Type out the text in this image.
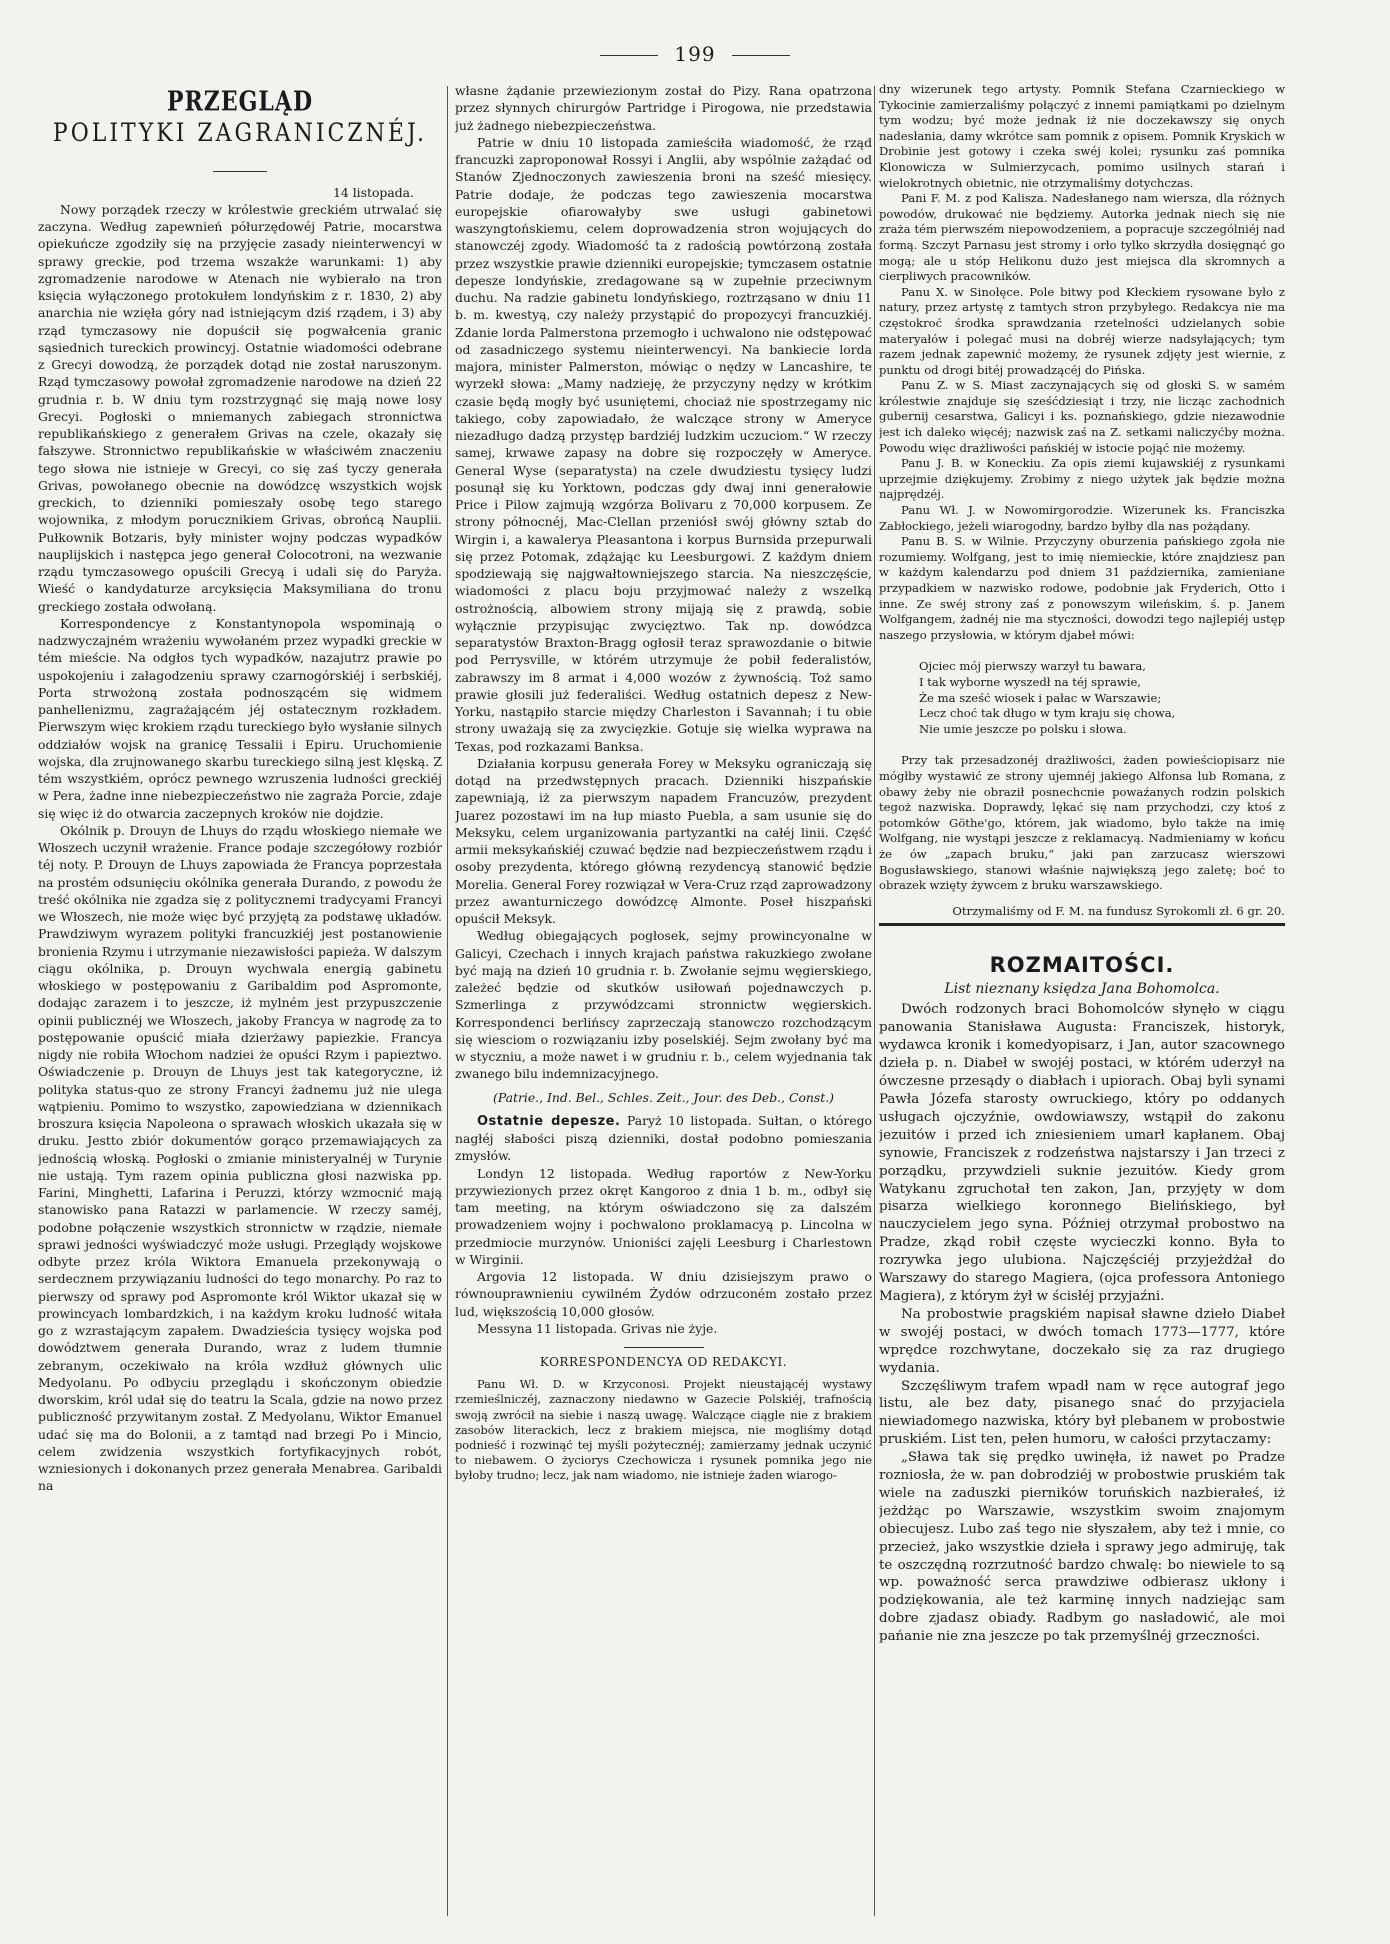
199
PRZEGLĄD
POLITYKI ZAGRANICZNÉJ.
14 listopada.

Nowy porządek rzeczy w królestwie greckiém utrwalać się zaczyna. Według zapewnień półurzędowéj Patrie, mocarstwa opiekuńcze zgodziły się na przyjęcie zasady nieinterwencyi w sprawy greckie, pod trzema wszakże warunkami: 1) aby zgromadzenie narodowe w Atenach nie wybierało na tron księcia wyłączonego protokułem londyńskim z r. 1830, 2) aby anarchia nie wzięła góry nad istniejącym dziś rządem, i 3) aby rząd tymczasowy nie dopuścił się pogwałcenia granic sąsiednich tureckich prowincyj. Ostatnie wiadomości odebrane z Grecyi dowodzą, że porządek dotąd nie został naruszonym. Rząd tymczasowy powołał zgromadzenie narodowe na dzień 22 grudnia r. b. W dniu tym rozstrzygnąć się mają nowe losy Grecyi. Pogłoski o mniemanych zabiegach stronnictwa republikańskiego z generałem Grivas na czele, okazały się fałszywe. Stronnictwo republikańskie w właściwém znaczeniu tego słowa nie istnieje w Grecyi, co się zaś tyczy generała Grivas, powołanego obecnie na dowódzcę wszystkich wojsk greckich, to dzienniki pomieszały osobę tego starego wojownika, z młodym porucznikiem Grivas, obrońcą Nauplii. Pułkownik Botzaris, były minister wojny podczas wypadków nauplijskich i następca jego generał Colocotroni, na wezwanie rządu tymczasowego opuścili Grecyą i udali się do Paryża. Wieść o kandydaturze arcyksięcia Maksymiliana do tronu greckiego została odwołaną.

Korrespondencye z Konstantynopola wspominają o nadzwyczajném wrażeniu wywołaném przez wypadki greckie w tém mieście. Na odgłos tych wypadków, nazajutrz prawie po uspokojeniu i załagodzeniu sprawy czarnogórskiéj i serbskiéj, Porta strwożoną została podnoszącém się widmem panhellenizmu, zagrażającém jéj ostatecznym rozkładem. Pierwszym więc krokiem rządu tureckiego było wysłanie silnych oddziałów wojsk na granicę Tessalii i Epiru. Uruchomienie wojska, dla zrujnowanego skarbu tureckiego silną jest klęską. Z tém wszystkiém, oprócz pewnego wzruszenia ludności greckiéj w Pera, żadne inne niebezpieczeństwo nie zagraża Porcie, zdaje się więc iż do otwarcia zaczepnych kroków nie dojdzie.

Okólnik p. Drouyn de Lhuys do rządu włoskiego niemałe we Włoszech uczynił wrażenie. France podaje szczegółowy rozbiór téj noty. P. Drouyn de Lhuys zapowiada że Francya poprzestała na prostém odsunięciu okólnika generała Durando, z powodu że treść okólnika nie zgadza się z politycznemi tradycyami Francyi we Włoszech, nie może więc być przyjętą za podstawę układów. Prawdziwym wyrazem polityki francuzkiéj jest postanowienie bronienia Rzymu i utrzymanie niezawisłości papieża. W dalszym ciągu okólnika, p. Drouyn wychwala energią gabinetu włoskiego w postępowaniu z Garibaldim pod Aspromonte, dodając zarazem i to jeszcze, iż mylném jest przypuszczenie opinii publicznéj we Włoszech, jakoby Francya w nagrodę za to postępowanie opuścić miała dzierżawy papiezkie. Francya nigdy nie robiła Włochom nadziei że opuści Rzym i papieztwo. Oświadczenie p. Drouyn de Lhuys jest tak kategoryczne, iż polityka status-quo ze strony Francyi żadnemu już nie ulega wątpieniu. Pomimo to wszystko, zapowiedziana w dziennikach broszura księcia Napoleona o sprawach włoskich ukazała się w druku. Jestto zbiór dokumentów gorąco przemawiających za jednością włoską. Pogłoski o zmianie ministeryalnéj w Turynie nie ustają. Tym razem opinia publiczna głosi nazwiska pp. Farini, Minghetti, Lafarina i Peruzzi, którzy wzmocnić mają stanowisko pana Ratazzi w parlamencie. W rzeczy saméj, podobne połączenie wszystkich stronnictw w rządzie, niemałe sprawi jedności wyświadczyć może usługi. Przeglądy wojskowe odbyte przez króla Wiktora Emanuela przekonywają o serdecznem przywiązaniu ludności do tego monarchy. Po raz to pierwszy od sprawy pod Aspromonte król Wiktor ukazał się w prowincyach lombardzkich, i na każdym kroku ludność witała go z wzrastającym zapałem. Dwadzieścia tysięcy wojska pod dowództwem generała Durando, wraz z ludem tłumnie zebranym, oczekiwało na króla wzdłuż głównych ulic Medyolanu. Po odbyciu przeglądu i skończonym obiedzie dworskim, król udał się do teatru la Scala, gdzie na nowo przez publiczność przywitanym został. Z Medyolanu, Wiktor Emanuel udać się ma do Bolonii, a z tamtąd nad brzegi Po i Mincio, celem zwidzenia wszystkich fortyfikacyjnych robót, wzniesionych i dokonanych przez generała Menabrea. Garibaldi na

własne żądanie przewiezionym został do Pizy. Rana opatrzona przez słynnych chirurgów Partridge i Pirogowa, nie przedstawia już żadnego niebezpieczeństwa.

Patrie w dniu 10 listopada zamieściła wiadomość, że rząd francuzki zaproponował Rossyi i Anglii, aby wspólnie zażądać od Stanów Zjednoczonych zawieszenia broni na sześć miesięcy. Patrie dodaje, że podczas tego zawieszenia mocarstwa europejskie ofiarowałyby swe usługi gabinetowi waszyngtońskiemu, celem doprowadzenia stron wojujących do stanowczéj zgody. Wiadomość ta z radością powtórzoną została przez wszystkie prawie dzienniki europejskie; tymczasem ostatnie depesze londyńskie, zredagowane są w zupełnie przeciwnym duchu. Na radzie gabinetu londyńskiego, roztrząsano w dniu 11 b. m. kwestyą, czy należy przystąpić do propozycyi francuzkiéj. Zdanie lorda Palmerstona przemogło i uchwalono nie odstępować od zasadniczego systemu nieinterwencyi. Na bankiecie lorda majora, minister Palmerston, mówiąc o nędzy w Lancashire, te wyrzekł słowa: „Mamy nadzieję, że przyczyny nędzy w krótkim czasie będą mogły być usuniętemi, chociaż nie spostrzegamy nic takiego, coby zapowiadało, że walczące strony w Ameryce niezadługo dadzą przystęp bardziéj ludzkim uczuciom.“ W rzeczy samej, krwawe zapasy na dobre się rozpoczęły w Ameryce. General Wyse (separatysta) na czele dwudziestu tysięcy ludzi posunął się ku Yorktown, podczas gdy dwaj inni generałowie Price i Pilow zajmują wzgórza Bolivaru z 70,000 korpusem. Ze strony północnéj, Mac-Clellan przeniósł swój główny sztab do Wirgin i, a kawalerya Pleasantona i korpus Burnsida przepurwali się przez Potomak, zdążając ku Leesburgowi. Z każdym dniem spodziewają się najgwałtowniejszego starcia. Na nieszczęście, wiadomości z placu boju przyjmować należy z wszelką ostrożnością, albowiem strony mijają się z prawdą, sobie wyłącznie przypisując zwycięztwo. Tak np. dowódzca separatystów Braxton-Bragg ogłosił teraz sprawozdanie o bitwie pod Perrysville, w którém utrzymuje że pobił federalistów, zabrawszy im 8 armat i 4,000 wozów z żywnością. Toż samo prawie głosili już federaliści. Według ostatnich depesz z New-Yorku, nastąpiło starcie między Charleston i Savannah; i tu obie strony uważają się za zwycięzkie. Gotuje się wielka wyprawa na Texas, pod rozkazami Banksa.

Działania korpusu generała Forey w Meksyku ograniczają się dotąd na przedwstępnych pracach. Dzienniki hiszpańskie zapewniają, iż za pierwszym napadem Francuzów, prezydent Juarez pozostawi im na łup miasto Puebla, a sam usunie się do Meksyku, celem urganizowania partyzantki na całéj linii. Część armii meksykańskiéj czuwać będzie nad bezpieczeństwem rządu i osoby prezydenta, którego główną rezydencyą stanowić będzie Morelia. General Forey rozwiązał w Vera-Cruz rząd zaprowadzony przez awanturniczego dowódzcę Almonte. Poseł hiszpański opuścił Meksyk.

Według obiegających pogłosek, sejmy prowincyonalne w Galicyi, Czechach i innych krajach państwa rakuzkiego zwołane być mają na dzień 10 grudnia r. b. Zwołanie sejmu węgierskiego, zależeć będzie od skutków usiłowań pojednawczych p. Szmerlinga z przywódzcami stronnictw węgierskich. Korrespondenci berlińscy zaprzeczają stanowczo rozchodzącym się wiesciom o rozwiązaniu izby poselskiéj. Sejm zwołany być ma w styczniu, a może nawet i w grudniu r. b., celem wyjednania tak zwanego bilu indemnizacyjnego.

(Patrie., Ind. Bel., Schles. Zeit., Jour. des Deb., Const.)

Ostatnie depesze. Paryż 10 listopada. Sułtan, o którego nagłéj słabości piszą dzienniki, dostał podobno pomieszania zmysłów.

Londyn 12 listopada. Według raportów z New-Yorku przywiezionych przez okręt Kangoroo z dnia 1 b. m., odbył się tam meeting, na którym oświadczono się za dalszém prowadzeniem wojny i pochwalono proklamacyą p. Lincolna w przedmiocie murzynów. Unioniści zajęli Leesburg i Charlestown w Wirginii.

Argovia 12 listopada. W dniu dzisiejszym prawo o równouprawnieniu cywilném Żydów odrzuconém zostało przez lud, większością 10,000 głosów.

Messyna 11 listopada. Grivas nie żyje.

KORRESPONDENCYA OD REDAKCYI.

Panu Wł. D. w Krzyconosi. Projekt nieustającéj wystawy rzemieślniczéj, zaznaczony niedawno w Gazecie Polskiéj, trafnością swoją zwrócił na siebie i naszą uwagę. Walczące ciągle nie z brakiem zasobów literackich, lecz z brakiem miejsca, nie mogliśmy dotąd podnieść i rozwinąć tej myśli pożytecznéj; zamierzamy jednak uczynić to niebawem. O życiorys Czechowicza i rysunek pomnika jego nie byłoby trudno; lecz, jak nam wiadomo, nie istnieje żaden wiarogo-

dny wizerunek tego artysty. Pomnik Stefana Czarnieckiego w Tykocinie zamierzaliśmy połączyć z innemi pamiątkami po dzielnym tym wodzu; być może jednak iż nie doczekawszy się onych nadesłania, damy wkrótce sam pomnik z opisem. Pomnik Kryskich w Drobinie jest gotowy i czeka swéj kolei; rysunku zaś pomnika Klonowicza w Sulmierzycach, pomimo usilnych starań i wielokrotnych obietnic, nie otrzymaliśmy dotychczas.

Pani F. M. z pod Kalisza. Nadesłanego nam wiersza, dla różnych powodów, drukować nie będziemy. Autorka jednak niech się nie zraża tém pierwszém niepowodzeniem, a popracuje szczególniéj nad formą. Szczyt Parnasu jest stromy i orło tylko skrzydła dosięgnąć go mogą; ale u stóp Helikonu dużo jest miejsca dla skromnych a cierpliwych pracowników.

Panu X. w Sinołęce. Pole bitwy pod Kłeckiem rysowane było z natury, przez artystę z tamtych stron przybyłego. Redakcya nie ma częstokroć środka sprawdzania rzetelności udzielanych sobie materyałów i polegać musi na dobréj wierze nadsyłających; tym razem jednak zapewnić możemy, że rysunek zdjęty jest wiernie, z punktu od drogi bitéj prowadzącéj do Pińska.

Panu Z. w S. Miast zaczynających się od głoski S. w samém królestwie znajduje się sześćdziesiąt i trzy, nie licząc zachodnich gubernij cesarstwa, Galicyi i ks. poznańskiego, gdzie niezawodnie jest ich daleko więcéj; nazwisk zaś na Z. setkami naliczyćby można. Powodu więc drażliwości pańskiéj w istocie pojąć nie możemy.

Panu J. B. w Koneckiu. Za opis ziemi kujawskiéj z rysunkami uprzejmie dziękujemy. Zrobimy z niego użytek jak będzie można najprędzéj.

Panu Wł. J. w Nowomirgorodzie. Wizerunek ks. Franciszka Zabłockiego, jeżeli wiarogodny, bardzo byłby dla nas pożądany.

Panu B. S. w Wilnie. Przyczyny oburzenia pańskiego zgoła nie rozumiemy. Wolfgang, jest to imię niemieckie, które znajdziesz pan w każdym kalendarzu pod dniem 31 października, zamieniane przypadkiem w nazwisko rodowe, podobnie jak Fryderich, Otto i inne. Ze swéj strony zaś z ponowszym wileńskim, ś. p. Janem Wolfgangem, żadnéj nie ma styczności, dowodzi tego najlepiéj ustęp naszego przysłowia, w którym djabeł mówi:

Ojciec mój pierwszy warzył tu bawara,
I tak wyborne wyszedł na téj sprawie,
Że ma sześć wiosek i pałac w Warszawie;
Lecz choć tak długo w tym kraju się chowa,
Nie umie jeszcze po polsku i słowa.

Przy tak przesadzonéj drażliwości, żaden powieściopisarz nie mógłby wystawić ze strony ujemnéj jakiego Alfonsa lub Romana, z obawy żeby nie obraził posnechcnie powaźanych rodzin polskich tegoż nazwiska. Doprawdy, lękać się nam przychodzi, czy ktoś z potomków Göthe'go, którem, jak wiadomo, było także na imię Wolfgang, nie wystąpi jeszcze z reklamacyą. Nadmieniamy w końcu że ów „zapach bruku,“ jaki pan zarzucasz wierszowi Bogusławskiego, stanowi właśnie największą jego zaletę; boć to obrazek wzięty żywcem z bruku warszawskiego.

Otrzymaliśmy od F. M. na fundusz Syrokomli zł. 6 gr. 20.

ROZMAITOŚCI.
List nieznany księdza Jana Bohomolca.

Dwóch rodzonych braci Bohomolców słynęło w ciągu panowania Stanisława Augusta: Franciszek, historyk, wydawca kronik i komedyopisarz, i Jan, autor szacownego dzieła p. n. Diabeł w swojéj postaci, w którém uderzył na ówczesne przesądy o diabłach i upiorach. Obaj byli synami Pawła Józefa starosty owruckiego, który po oddanych usługach ojczyźnie, owdowiawszy, wstąpił do zakonu jezuitów i przed ich zniesieniem umarł kapłanem. Obaj synowie, Franciszek z rodzeństwa najstarszy i Jan trzeci z porządku, przywdzieli suknie jezuitów. Kiedy grom Watykanu zgruchotał ten zakon, Jan, przyjęty w dom pisarza wielkiego koronnego Bielińskiego, był nauczycielem jego syna. Później otrzymał probostwo na Pradze, zkąd robił częste wycieczki konno. Była to rozrywka jego ulubiona. Najczęściéj przyjeżdżał do Warszawy do starego Magiera, (ojca professora Antoniego Magiera), z którym żył w ścisłéj przyjaźni.

Na probostwie pragskiém napisał sławne dzieło Diabeł w swojéj postaci, w dwóch tomach 1773—1777, które wprędce rozchwytane, doczekało się za raz drugiego wydania.

Szczęśliwym trafem wpadł nam w ręce autograf jego listu, ale bez daty, pisanego snać do przyjaciela niewiadomego nazwiska, który był plebanem w probostwie pruskiém. List ten, pełen humoru, w całości przytaczamy:

„Sława tak się prędko uwinęła, iż nawet po Pradze rozniosła, że w. pan dobrodziéj w probostwie pruskiém tak wiele na zaduszki pierników toruńskich nazbierałeś, iż jeżdżąc po Warszawie, wszystkim swoim znajomym obiecujesz. Lubo zaś tego nie słyszałem, aby też i mnie, co przecież, jako wszystkie dzieła i sprawy jego admiruję, tak te oszczędną rozrzutność bardzo chwalę: bo niewiele to są wp. poważność serca prawdziwe odbierasz ukłony i podziękowania, ale też karminę innych nadziejąc sam dobre zjadasz obiady. Radbym go nasładowić, ale moi pańanie nie zna jeszcze po tak przemyślnéj grzeczności.
